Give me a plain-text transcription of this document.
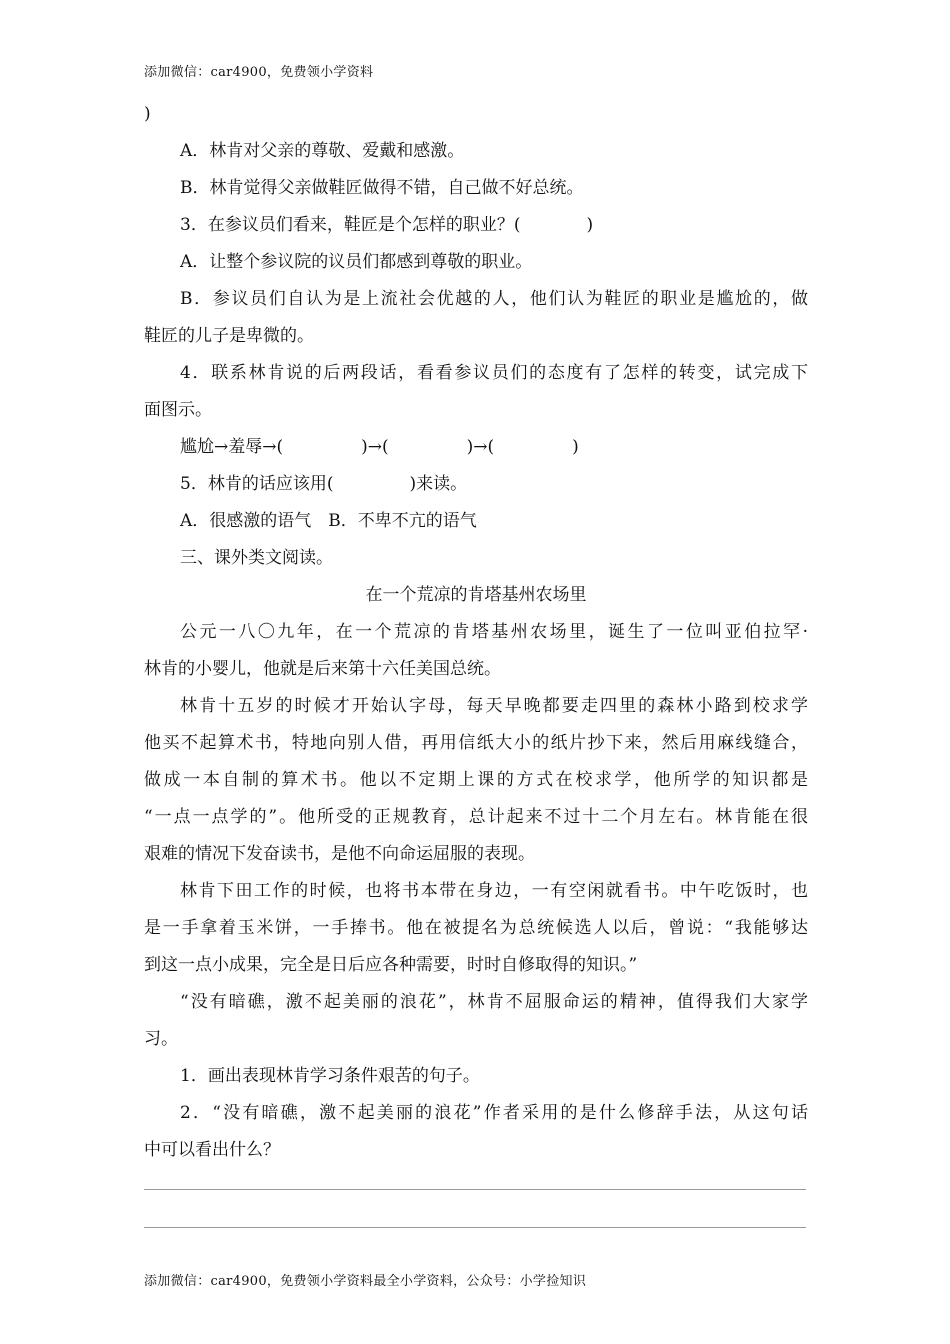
添加微信：car4900，免费领小学资料

)

A．林肯对父亲的尊敬、爱戴和感激。

B．林肯觉得父亲做鞋匠做得不错，自己做不好总统。

3．在参议员们看来，鞋匠是个怎样的职业？(	)

A．让整个参议院的议员们都感到尊敬的职业。

B．参议员们自认为是上流社会优越的人，他们认为鞋匠的职业是尴尬的，做

鞋匠的儿子是卑微的。

4．联系林肯说的后两段话，看看参议员们的态度有了怎样的转变，试完成下

面图示。

尴尬→羞辱→(	)→(	)→(	)

5．林肯的话应该用(	)来读。

A．很感激的语气　B．不卑不亢的语气

三、课外类文阅读。

在一个荒凉的肯塔基州农场里

公元一八〇九年，在一个荒凉的肯塔基州农场里，诞生了一位叫亚伯拉罕·

林肯的小婴儿，他就是后来第十六任美国总统。

林肯十五岁的时候才开始认字母，每天早晚都要走四里的森林小路到校求学

他买不起算术书，特地向别人借，再用信纸大小的纸片抄下来，然后用麻线缝合，

做成一本自制的算术书。他以不定期上课的方式在校求学，他所学的知识都是

“一点一点学的”。他所受的正规教育，总计起来不过十二个月左右。林肯能在很

艰难的情况下发奋读书，是他不向命运屈服的表现。

林肯下田工作的时候，也将书本带在身边，一有空闲就看书。中午吃饭时，也

是一手拿着玉米饼，一手捧书。他在被提名为总统候选人以后，曾说：“我能够达

到这一点小成果，完全是日后应各种需要，时时自修取得的知识。”

“没有暗礁，激不起美丽的浪花”，林肯不屈服命运的精神，值得我们大家学

习。

1．画出表现林肯学习条件艰苦的句子。

2．“没有暗礁，激不起美丽的浪花”作者采用的是什么修辞手法，从这句话

中可以看出什么？

添加微信：car4900，免费领小学资料最全小学资料，公众号：小学捡知识
